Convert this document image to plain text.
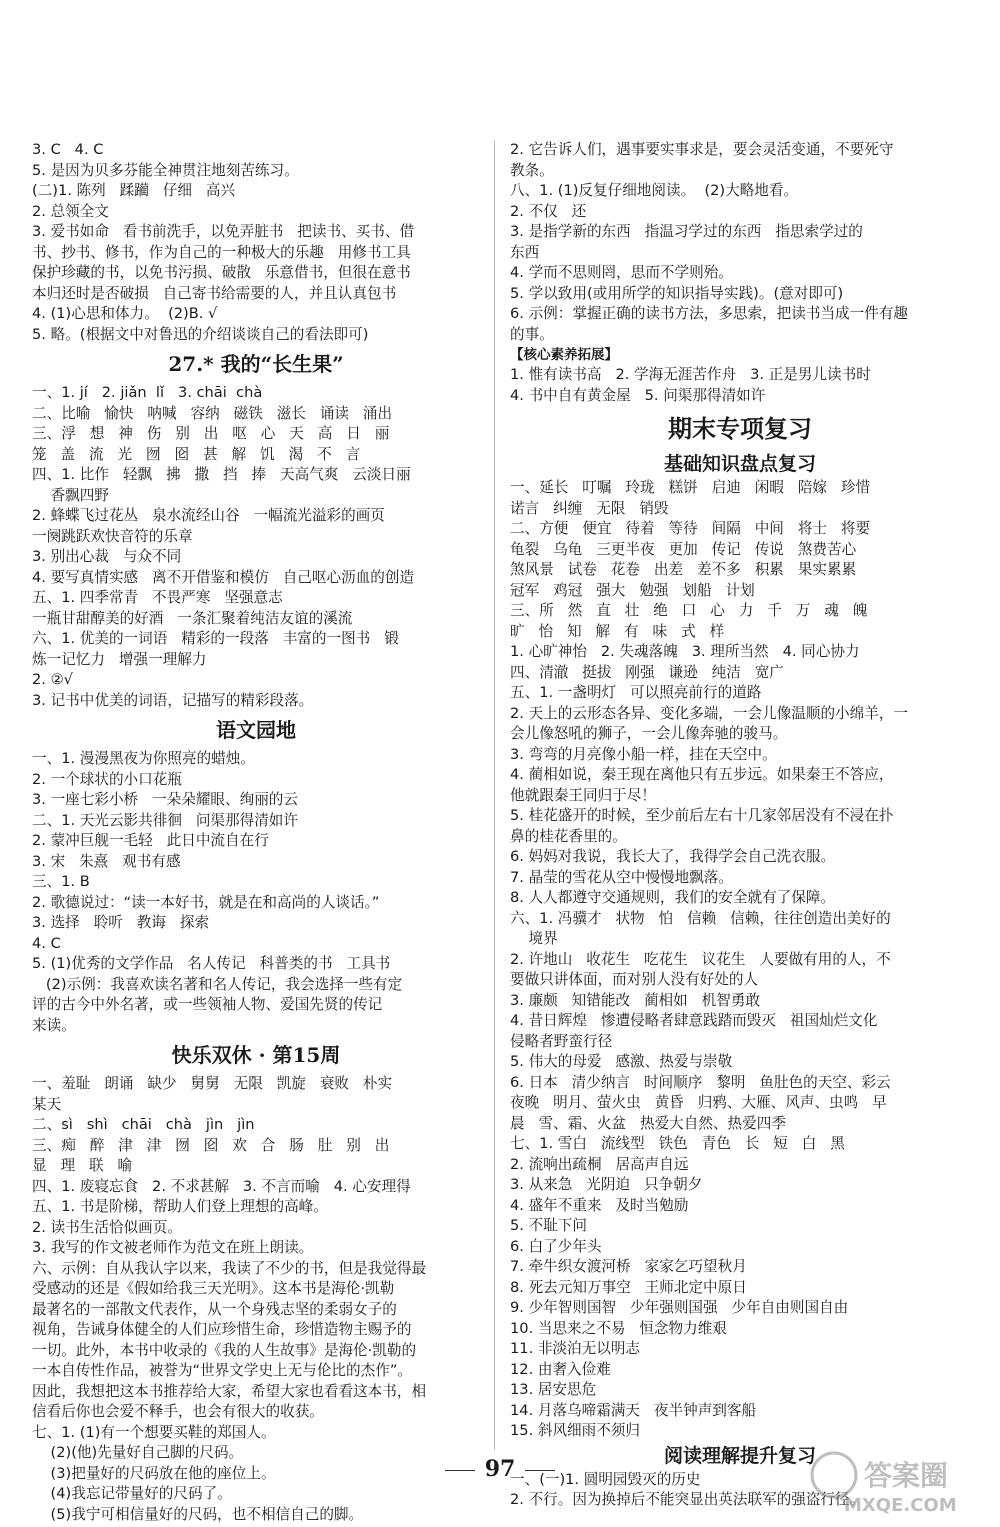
3. C   4. C
5. 是因为贝多芬能全神贯注地刻苦练习。
(二)1. 陈列   蹂躏   仔细   高兴
2. 总领全文
3. 爱书如命   看书前洗手，以免弄脏书   把读书、买书、借
书、抄书、修书，作为自己的一种极大的乐趣   用修书工具
保护珍藏的书，以免书污损、破散   乐意借书，但很在意书
本归还时是否破损   自己寄书给需要的人，并且认真包书
4. (1)心思和体力。  (2)B. √
5. 略。(根据文中对鲁迅的介绍谈谈自己的看法即可)
27.* 我的“长生果”
一、1. jí   2. jiǎn  lǐ   3. chāi  chà
二、比喻   愉快   呐喊   容纳   磁铁   滋长   诵读   涌出
三、浮   想   神   伤   别   出   呕   心   天   高   日   丽
笼   盖   流   光   囫   囵   甚   解   饥   渴   不   言
四、1. 比作   轻飘   拂   撒   挡   捧   天高气爽   云淡日丽
香飘四野
2. 蜂蝶飞过花丛   泉水流经山谷   一幅流光溢彩的画页
一阕跳跃欢快音符的乐章
3. 别出心裁   与众不同
4. 要写真情实感   离不开借鉴和模仿   自己呕心沥血的创造
五、1. 四季常青   不畏严寒   坚强意志
一瓶甘甜醇美的好酒   一条汇聚着纯洁友谊的溪流
六、1. 优美的一词语   精彩的一段落   丰富的一图书   锻
炼一记忆力   增强一理解力
2. ②√
3. 记书中优美的词语，记描写的精彩段落。
语文园地
一、1. 漫漫黑夜为你照亮的蜡烛。
2. 一个球状的小口花瓶
3. 一座七彩小桥   一朵朵耀眼、绚丽的云
二、1. 天光云影共徘徊   问渠那得清如许
2. 蒙冲巨舰一毛轻   此日中流自在行
3. 宋   朱熹   观书有感
三、1. B
2. 歌德说过：“读一本好书，就是在和高尚的人谈话。”
3. 选择   聆听   教诲   探索
4. C
5. (1)优秀的文学作品   名人传记   科普类的书   工具书
(2)示例：我喜欢读名著和名人传记，我会选择一些有定
评的古今中外名著，或一些领袖人物、爱国先贤的传记
来读。
快乐双休 · 第15周
一、羞耻   朗诵   缺少   舅舅   无限   凯旋   衰败   朴实
某天
二、sì   shì   chāi   chà   jìn   jìn
三、痴   醉   津   津   囫   囵   欢   合   肠   肚   别   出
显   理   联   喻
四、1. 废寝忘食   2. 不求甚解   3. 不言而喻   4. 心安理得
五、1. 书是阶梯，帮助人们登上理想的高峰。
2. 读书生活恰似画页。
3. 我写的作文被老师作为范文在班上朗读。
六、示例：自从我认字以来，我读了不少的书，但是我觉得最
受感动的还是《假如给我三天光明》。这本书是海伦·凯勒
最著名的一部散文代表作，从一个身残志坚的柔弱女子的
视角，告诫身体健全的人们应珍惜生命，珍惜造物主赐予的
一切。此外，本书中收录的《我的人生故事》是海伦·凯勒的
一本自传性作品，被誉为“世界文学史上无与伦比的杰作”。
因此，我想把这本书推荐给大家，希望大家也看看这本书，相
信看后你也会爱不释手，也会有很大的收获。
七、1. (1)有一个想要买鞋的郑国人。
(2)(他)先量好自己脚的尺码。
(3)把量好的尺码放在他的座位上。
(4)我忘记带量好的尺码了。
(5)我宁可相信量好的尺码，也不相信自己的脚。
2. 它告诉人们，遇事要实事求是，要会灵活变通，不要死守
教条。
八、1. (1)反复仔细地阅读。  (2)大略地看。
2. 不仅   还
3. 是指学新的东西   指温习学过的东西   指思索学过的
东西
4. 学而不思则罔，思而不学则殆。
5. 学以致用(或用所学的知识指导实践)。(意对即可)
6. 示例：掌握正确的读书方法，多思索，把读书当成一件有趣
的事。
【核心素养拓展】
1. 惟有读书高   2. 学海无涯苦作舟   3. 正是男儿读书时
4. 书中自有黄金屋   5. 问渠那得清如许
期末专项复习
基础知识盘点复习
一、延长   叮嘱   玲珑   糕饼   启迪   闲暇   陪嫁   珍惜
诺言   纠缠   无限   销毁
二、方便   便宜   待着   等待   间隔   中间   将士   将要
龟裂   乌龟   三更半夜   更加   传记   传说   煞费苦心
煞风景   试卷   花卷   出差   差不多   积累   果实累累
冠军   鸡冠   强大   勉强   划船   计划
三、所   然   直   壮   绝   口   心   力   千   万   魂   魄
旷   怡   知   解   有   味   式   样
1. 心旷神怡   2. 失魂落魄   3. 理所当然   4. 同心协力
四、清澈   挺拔   刚强   谦逊   纯洁   宽广
五、1. 一盏明灯   可以照亮前行的道路
2. 天上的云形态各异、变化多端，一会儿像温顺的小绵羊，一
会儿像怒吼的狮子，一会儿像奔驰的骏马。
3. 弯弯的月亮像小船一样，挂在天空中。
4. 蔺相如说，秦王现在离他只有五步远。如果秦王不答应，
他就跟秦王同归于尽！
5. 桂花盛开的时候，至少前后左右十几家邻居没有不浸在扑
鼻的桂花香里的。
6. 妈妈对我说，我长大了，我得学会自己洗衣服。
7. 晶莹的雪花从空中慢慢地飘落。
8. 人人都遵守交通规则，我们的安全就有了保障。
六、1. 冯骥才   状物   怕   信赖   信赖，往往创造出美好的
境界
2. 许地山   收花生   吃花生   议花生   人要做有用的人，不
要做只讲体面，而对别人没有好处的人
3. 廉颇   知错能改   蔺相如   机智勇敢
4. 昔日辉煌   惨遭侵略者肆意践踏而毁灭   祖国灿烂文化
侵略者野蛮行径
5. 伟大的母爱   感激、热爱与崇敬
6. 日本   清少纳言   时间顺序   黎明   鱼肚色的天空、彩云
夜晚   明月、萤火虫   黄昏   归鸦、大雁、风声、虫鸣   早
晨   雪、霜、火盆   热爱大自然、热爱四季
七、1. 雪白   流线型   铁色   青色   长   短   白   黑
2. 流响出疏桐   居高声自远
3. 从来急   光阴迫   只争朝夕
4. 盛年不重来   及时当勉励
5. 不耻下问
6. 白了少年头
7. 牵牛织女渡河桥   家家乞巧望秋月
8. 死去元知万事空   王师北定中原日
9. 少年智则国智   少年强则国强   少年自由则国自由
10. 当思来之不易   恒念物力维艰
11. 非淡泊无以明志
12. 由奢入俭难
13. 居安思危
14. 月落乌啼霜满天   夜半钟声到客船
15. 斜风细雨不须归
阅读理解提升复习
一、(一)1. 圆明园毁灭的历史
2. 不行。因为换掉后不能突显出英法联军的强盗行径。
97	答案圈
MXQE.COM
